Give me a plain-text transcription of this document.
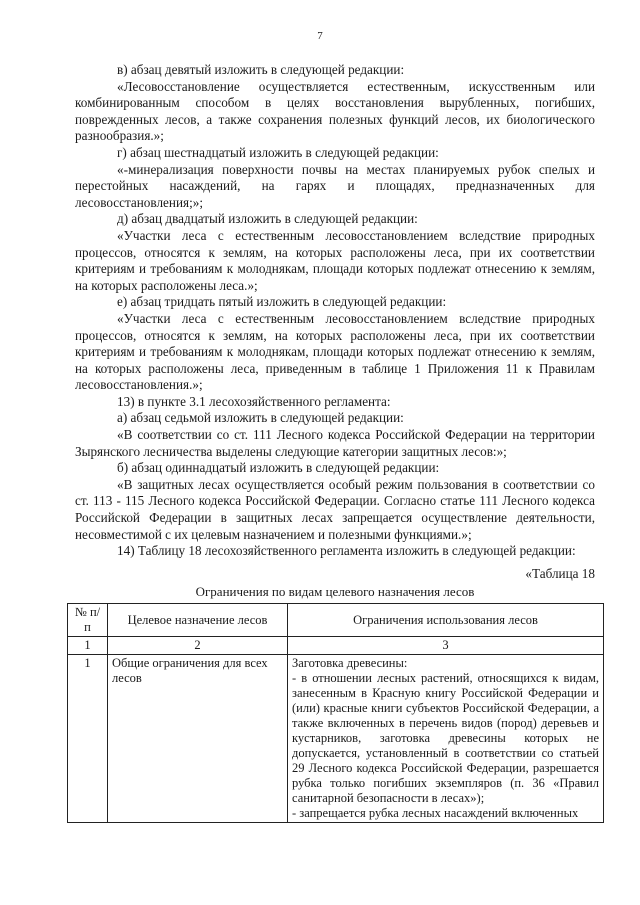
7

в) абзац девятый изложить в следующей редакции:

«Лесовосстановление осуществляется естественным, искусственным или комбинированным способом в целях восстановления вырубленных, погибших, поврежденных лесов, а также сохранения полезных функций лесов, их биологического разнообразия.»;

г) абзац шестнадцатый изложить в следующей редакции:

«-минерализация поверхности почвы на местах планируемых рубок спелых и перестойных насаждений, на гарях и площадях, предназначенных для лесовосстановления;»;

д) абзац двадцатый изложить в следующей редакции:

«Участки леса с естественным лесовосстановлением вследствие природных процессов, относятся к землям, на которых расположены леса, при их соответствии критериям и требованиям к молоднякам, площади которых подлежат отнесению к землям, на которых расположены леса.»;

е) абзац тридцать пятый изложить в следующей редакции:

«Участки леса с естественным лесовосстановлением вследствие природных процессов, относятся к землям, на которых расположены леса, при их соответствии критериям и требованиям к молоднякам, площади которых подлежат отнесению к землям, на которых расположены леса, приведенным в таблице 1 Приложения 11 к Правилам лесовосстановления.»;

13) в пункте 3.1 лесохозяйственного регламента:

а) абзац седьмой изложить в следующей редакции:

«В соответствии со ст. 111 Лесного кодекса Российской Федерации на территории Зырянского лесничества выделены следующие категории защитных лесов:»;

б) абзац одиннадцатый изложить в следующей редакции:

«В защитных лесах осуществляется особый режим пользования в соответствии со ст. 113 - 115 Лесного кодекса Российской Федерации. Согласно статье 111 Лесного кодекса Российской Федерации в защитных лесах запрещается осуществление деятельности, несовместимой с их целевым назначением и полезными функциями.»;

14) Таблицу 18 лесохозяйственного регламента изложить в следующей редакции:

«Таблица 18
Ограничения по видам целевого назначения лесов
№ п/п	Целевое назначение лесов	Ограничения использования лесов
1	2	3
1	Общие ограничения для всех лесов	Заготовка древесины:

- в отношении лесных растений, относящихся к видам, занесенным в Красную книгу Российской Федерации и (или) красные книги субъектов Российской Федерации, а также включенных в перечень видов (пород) деревьев и кустарников, заготовка древесины которых не допускается, установленный в соответствии со статьей 29 Лесного кодекса Российской Федерации, разрешается рубка только погибших экземпляров (п. 36 «Правил санитарной безопасности в лесах»);

- запрещается рубка лесных насаждений включенных
